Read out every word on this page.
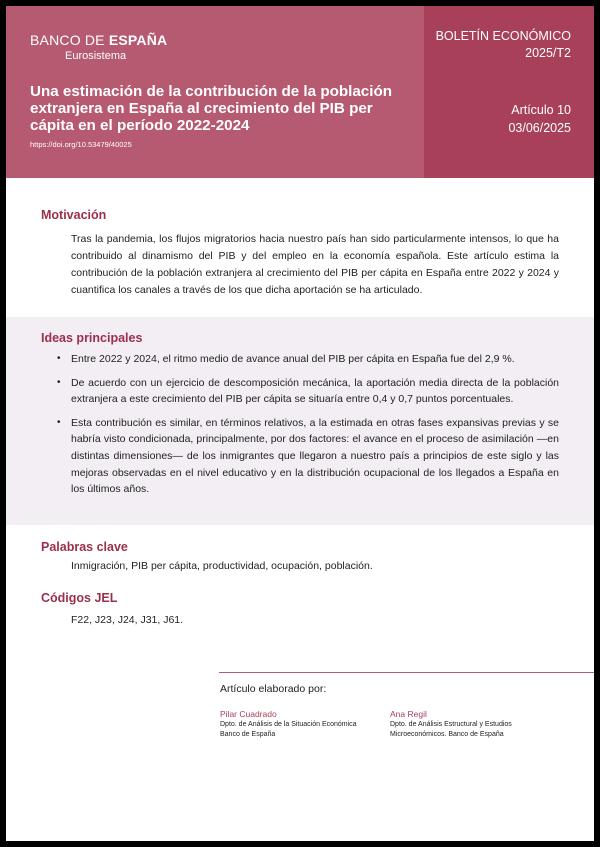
BANCO DE ESPAÑA
Eurosistema
Una estimación de la contribución de la población extranjera en España al crecimiento del PIB per cápita en el período 2022-2024
https://doi.org/10.53479/40025
BOLETÍN ECONÓMICO
2025/T2
Artículo 10
03/06/2025
Motivación
Tras la pandemia, los flujos migratorios hacia nuestro país han sido particularmente intensos, lo que ha contribuido al dinamismo del PIB y del empleo en la economía española. Este artículo estima la contribución de la población extranjera al crecimiento del PIB per cápita en España entre 2022 y 2024 y cuantifica los canales a través de los que dicha aportación se ha articulado.
Ideas principales
• Entre 2022 y 2024, el ritmo medio de avance anual del PIB per cápita en España fue del 2,9 %.
• De acuerdo con un ejercicio de descomposición mecánica, la aportación media directa de la población extranjera a este crecimiento del PIB per cápita se situaría entre 0,4 y 0,7 puntos porcentuales.
• Esta contribución es similar, en términos relativos, a la estimada en otras fases expansivas previas y se habría visto condicionada, principalmente, por dos factores: el avance en el proceso de asimilación —en distintas dimensiones— de los inmigrantes que llegaron a nuestro país a principios de este siglo y las mejoras observadas en el nivel educativo y en la distribución ocupacional de los llegados a España en los últimos años.
Palabras clave
Inmigración, PIB per cápita, productividad, ocupación, población.
Códigos JEL
F22, J23, J24, J31, J61.
Artículo elaborado por:
Pilar Cuadrado
Dpto. de Análisis de la Situación Económica
Banco de España
Ana Regil
Dpto. de Análisis Estructural y Estudios
Microeconómicos. Banco de España
